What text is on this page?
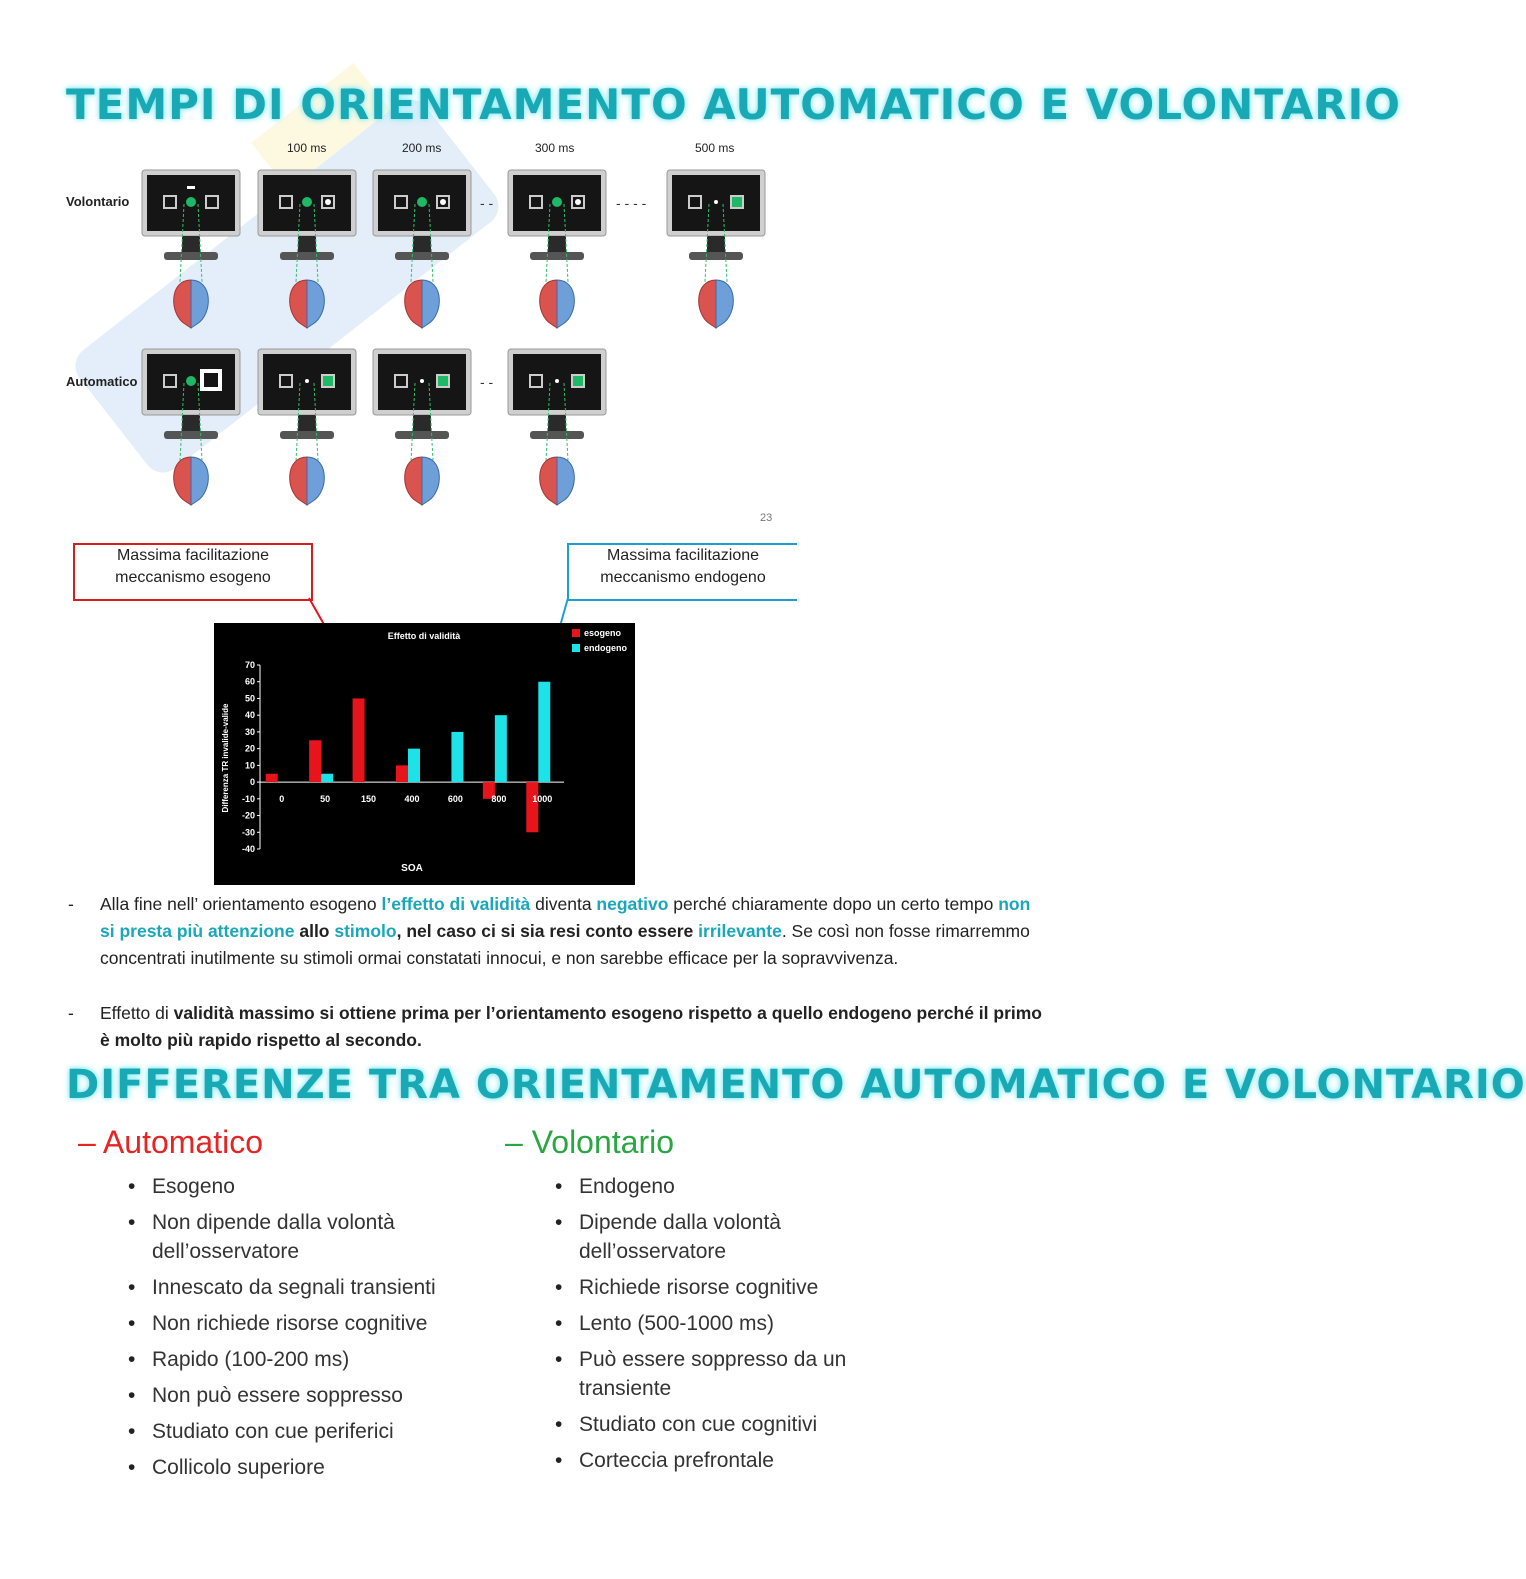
TEMPI DI ORIENTAMENTO AUTOMATICO E VOLONTARIO
Volontario
Automatico
100 ms	200 ms	300 ms	500 ms
- -	- - - -
- -
23
Massima facilitazione meccanismo esogeno
Massima facilitazione meccanismo endogeno
Effetto di validità	esogeno
endogeno
Differenza TR invalide-valide
SOA
70
60
50
40
30
20
10
0
-10
-20
-30
-40
0	50	150	400	600	800	1000
- Alla fine nell’ orientamento esogeno l’effetto di validità diventa negativo perché chiaramente dopo un certo tempo non si presta più attenzione allo stimolo, nel caso ci si sia resi conto essere irrilevante. Se così non fosse rimarremmo concentrati inutilmente su stimoli ormai constatati innocui, e non sarebbe efficace per la sopravvivenza.
- Effetto di validità massimo si ottiene prima per l’orientamento esogeno rispetto a quello endogeno perché il primo è molto più rapido rispetto al secondo.
DIFFERENZE TRA ORIENTAMENTO AUTOMATICO E VOLONTARIO
– Automatico	– Volontario
• Esogeno
• Non dipende dalla volontà dell’osservatore
• Innescato da segnali transienti
• Non richiede risorse cognitive
• Rapido (100-200 ms)
• Non può essere soppresso
• Studiato con cue periferici
• Collicolo superiore
• Endogeno
• Dipende dalla volontà dell’osservatore
• Richiede risorse cognitive
• Lento (500-1000 ms)
• Può essere soppresso da un transiente
• Studiato con cue cognitivi
• Corteccia prefrontale
